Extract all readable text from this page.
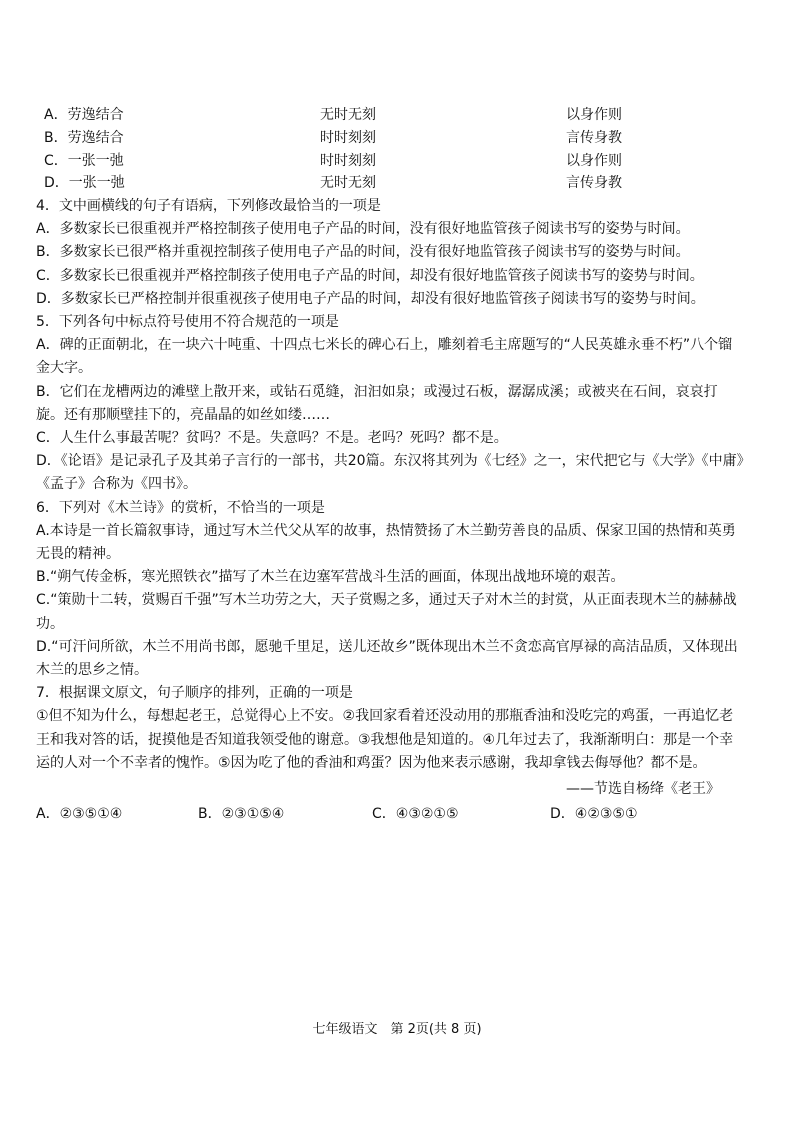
A．劳逸结合	无时无刻	以身作则
B．劳逸结合	时时刻刻	言传身教
C．一张一弛	时时刻刻	以身作则
D．一张一弛	无时无刻	言传身教

4．文中画横线的句子有语病，下列修改最恰当的一项是

A．多数家长已很重视并严格控制孩子使用电子产品的时间，没有很好地监管孩子阅读书写的姿势与时间。

B．多数家长已很严格并重视控制孩子使用电子产品的时间，没有很好地监管孩子阅读书写的姿势与时间。

C．多数家长已很重视并严格控制孩子使用电子产品的时间，却没有很好地监管孩子阅读书写的姿势与时间。

D．多数家长已严格控制并很重视孩子使用电子产品的时间，却没有很好地监管孩子阅读书写的姿势与时间。

5．下列各句中标点符号使用不符合规范的一项是

A．碑的正面朝北，在一块六十吨重、十四点七米长的碑心石上，雕刻着毛主席题写的“人民英雄永垂不朽”八个镏金大字。

B．它们在龙槽两边的滩壁上散开来，或钻石觅缝，汩汩如泉；或漫过石板，潺潺成溪；或被夹在石间，哀哀打旋。还有那顺壁挂下的，亮晶晶的如丝如缕……

C．人生什么事最苦呢？贫吗？不是。失意吗？不是。老吗？死吗？都不是。

D．《论语》是记录孔子及其弟子言行的一部书，共20篇。东汉将其列为《七经》之一，宋代把它与《大学》《中庸》《孟子》合称为《四书》。

6．下列对《木兰诗》的赏析，不恰当的一项是

A.本诗是一首长篇叙事诗，通过写木兰代父从军的故事，热情赞扬了木兰勤劳善良的品质、保家卫国的热情和英勇无畏的精神。

B.“朔气传金柝，寒光照铁衣”描写了木兰在边塞军营战斗生活的画面，体现出战地环境的艰苦。

C.“策勋十二转，赏赐百千强”写木兰功劳之大，天子赏赐之多，通过天子对木兰的封赏，从正面表现木兰的赫赫战功。

D.“可汗问所欲，木兰不用尚书郎，愿驰千里足，送儿还故乡”既体现出木兰不贪恋高官厚禄的高洁品质，又体现出木兰的思乡之情。

7．根据课文原文，句子顺序的排列，正确的一项是

①但不知为什么，每想起老王，总觉得心上不安。②我回家看着还没动用的那瓶香油和没吃完的鸡蛋，一再追忆老王和我对答的话，捉摸他是否知道我领受他的谢意。③我想他是知道的。④几年过去了，我渐渐明白：那是一个幸运的人对一个不幸者的愧怍。⑤因为吃了他的香油和鸡蛋？因为他来表示感谢，我却拿钱去侮辱他？都不是。

——节选自杨绛《老王》

A．②③⑤①④	B．②③①⑤④	C．④③②①⑤	D．④②③⑤①
七年级语文　第 2页(共 8 页)
